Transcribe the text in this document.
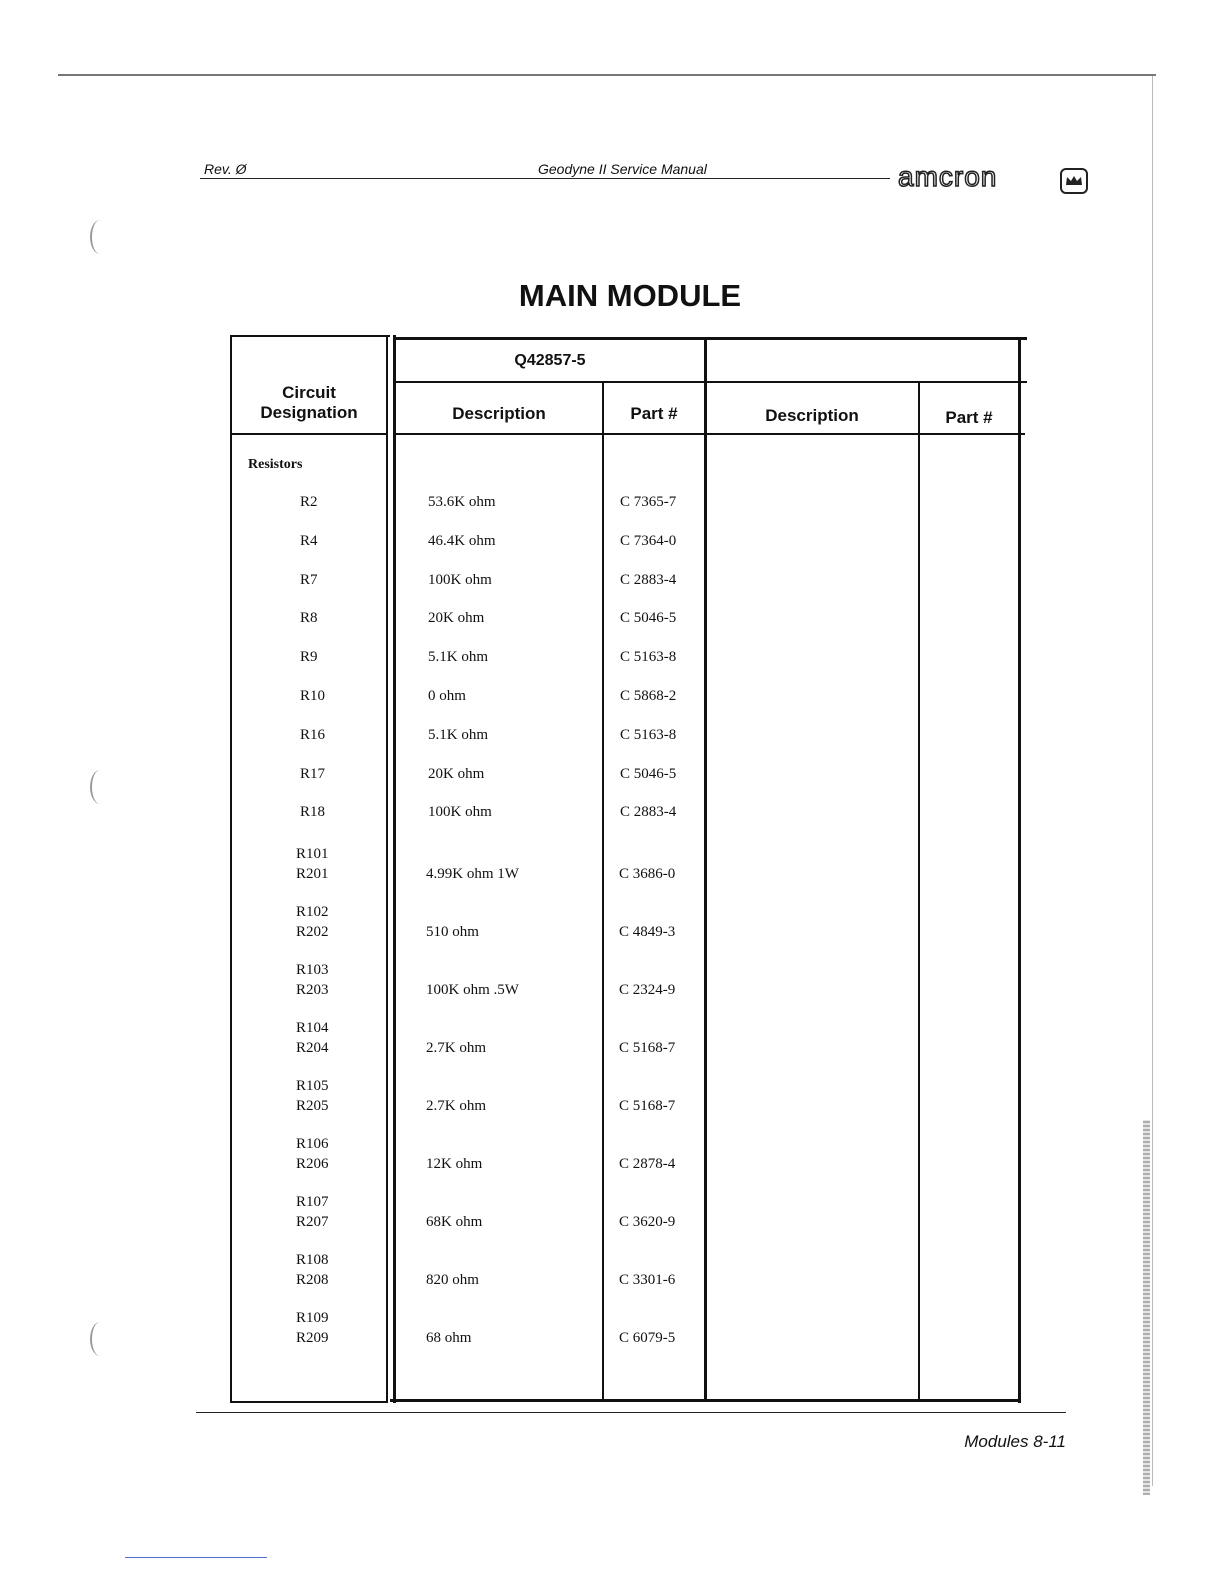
Rev. Ø	Geodyne II Service Manual	amcron
MAIN MODULE
Circuit Designation
Q42857-5
Description	Part #	Description	Part #
Resistors
R2	53.6K ohm	C 7365-7
R4	46.4K ohm	C 7364-0
R7	100K ohm	C 2883-4
R8	20K ohm	C 5046-5
R9	5.1K ohm	C 5163-8
R10	0 ohm	C 5868-2
R16	5.1K ohm	C 5163-8
R17	20K ohm	C 5046-5
R18	100K ohm	C 2883-4
R101
R201	4.99K ohm 1W	C 3686-0
R102
R202	510 ohm	C 4849-3
R103
R203	100K ohm .5W	C 2324-9
R104
R204	2.7K ohm	C 5168-7
R105
R205	2.7K ohm	C 5168-7
R106
R206	12K ohm	C 2878-4
R107
R207	68K ohm	C 3620-9
R108
R208	820 ohm	C 3301-6
R109
R209	68 ohm	C 6079-5
Modules 8-11
